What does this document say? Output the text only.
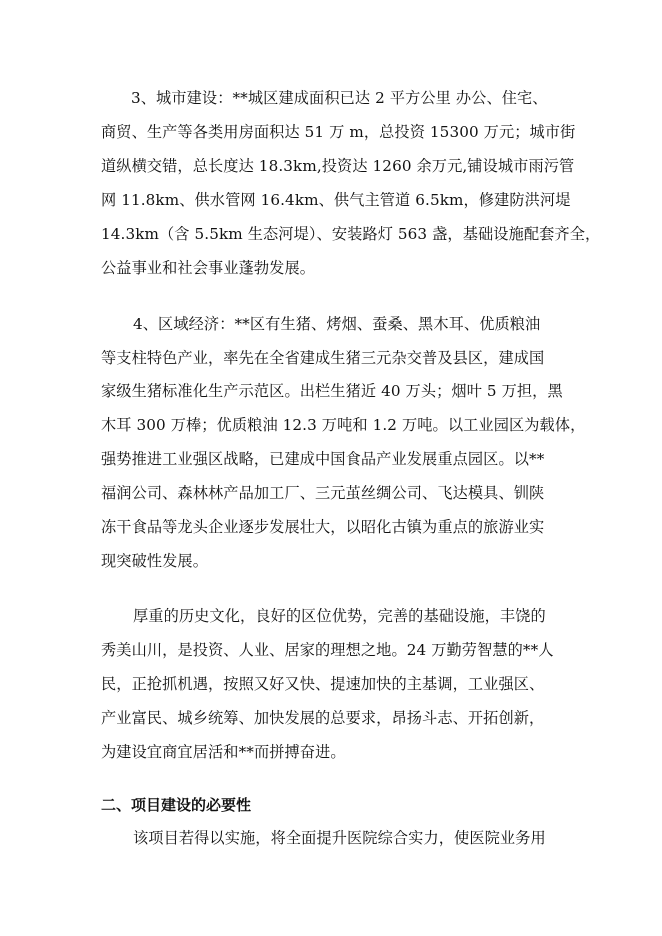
3、城市建设：**城区建成面积已达 2 平方公里 办公、住宅、
商贸、生产等各类用房面积达 51 万 m，总投资 15300 万元；城市街
道纵横交错，总长度达 18.3km,投资达 1260 余万元,铺设城市雨污管
网 11.8km、供水管网 16.4km、供气主管道 6.5km，修建防洪河堤
14.3km（含 5.5km 生态河堤）、安装路灯 563 盏，基础设施配套齐全，
公益事业和社会事业蓬勃发展。
4、区域经济：**区有生猪、烤烟、蚕桑、黑木耳、优质粮油
等支柱特色产业，率先在全省建成生猪三元杂交普及县区，建成国
家级生猪标准化生产示范区。出栏生猪近 40 万头；烟叶 5 万担，黑
木耳 300 万棒；优质粮油 12.3 万吨和 1.2 万吨。以工业园区为载体，
强势推进工业强区战略，已建成中国食品产业发展重点园区。以**
福润公司、森林林产品加工厂、三元茧丝绸公司、飞达模具、钏陕
冻干食品等龙头企业逐步发展壮大，以昭化古镇为重点的旅游业实
现突破性发展。
厚重的历史文化，良好的区位优势，完善的基础设施，丰饶的
秀美山川，是投资、人业、居家的理想之地。24 万勤劳智慧的**人
民，正抢抓机遇，按照又好又快、提速加快的主基调，工业强区、
产业富民、城乡统筹、加快发展的总要求，昂扬斗志、开拓创新，
为建设宜商宜居活和**而拼搏奋进。
二、项目建设的必要性
该项目若得以实施，将全面提升医院综合实力，使医院业务用
